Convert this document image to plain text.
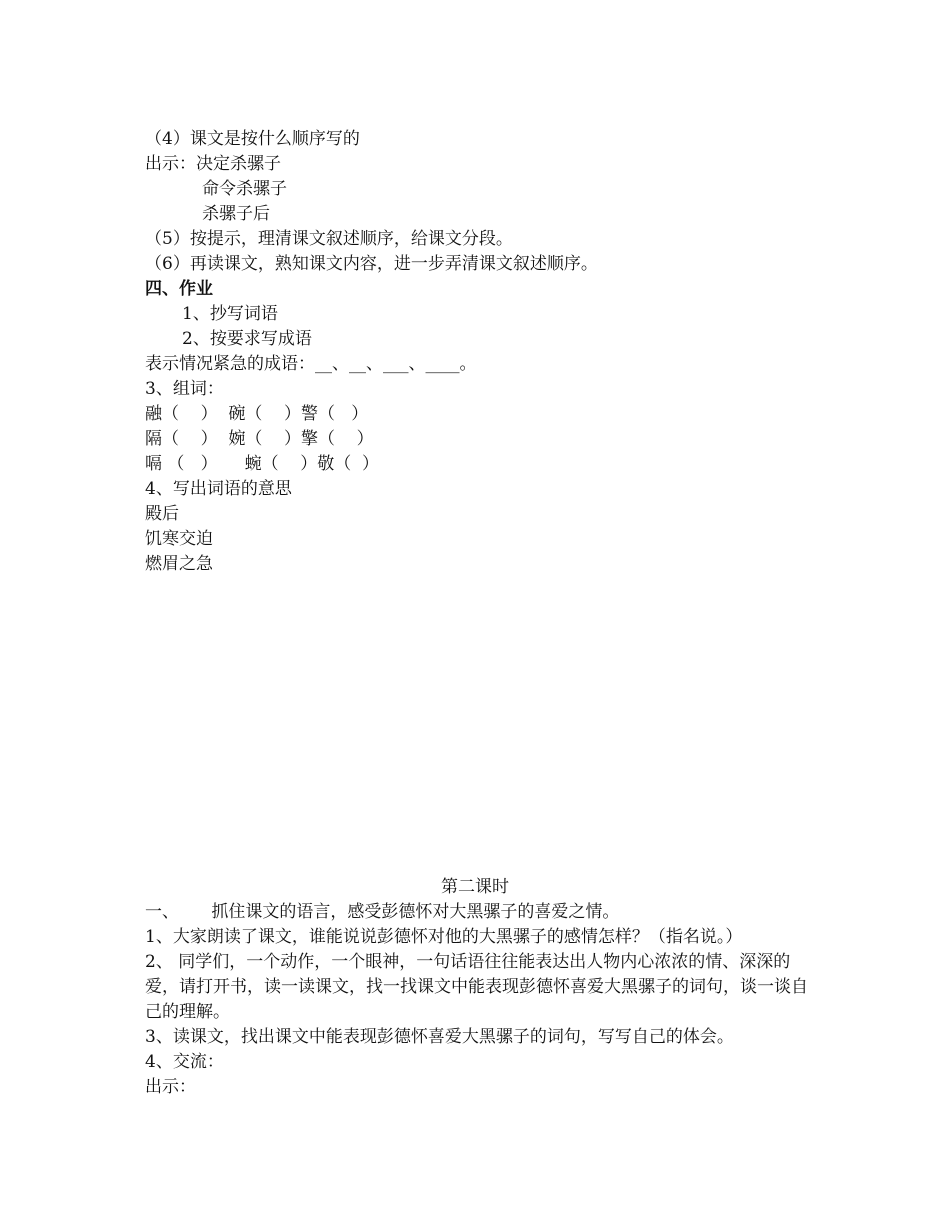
（4）课文是按什么顺序写的
出示：决定杀骡子
命令杀骡子
杀骡子后
（5）按提示，理清课文叙述顺序，给课文分段。
（6）再读课文，熟知课文内容，进一步弄清课文叙述顺序。
四、作业
1、抄写词语
2、按要求写成语
表示情况紧急的成语：__、__、___、____。
3、组词：
融（    ）  碗（    ）警（   ）
隔（    ）  婉（    ）擎（    ）
嗝 （   ）     蜿（    ）敬（  ）
4、写出词语的意思
殿后
饥寒交迫
燃眉之急
第二课时
一、      抓住课文的语言，感受彭德怀对大黑骡子的喜爱之情。
1、大家朗读了课文，谁能说说彭德怀对他的大黑骡子的感情怎样？（指名说。）
2、 同学们，一个动作，一个眼神，一句话语往往能表达出人物内心浓浓的情、深深的爱，请打开书，读一读课文，找一找课文中能表现彭德怀喜爱大黑骡子的词句，谈一谈自己的理解。
3、读课文，找出课文中能表现彭德怀喜爱大黑骡子的词句，写写自己的体会。
4、交流：
出示：
